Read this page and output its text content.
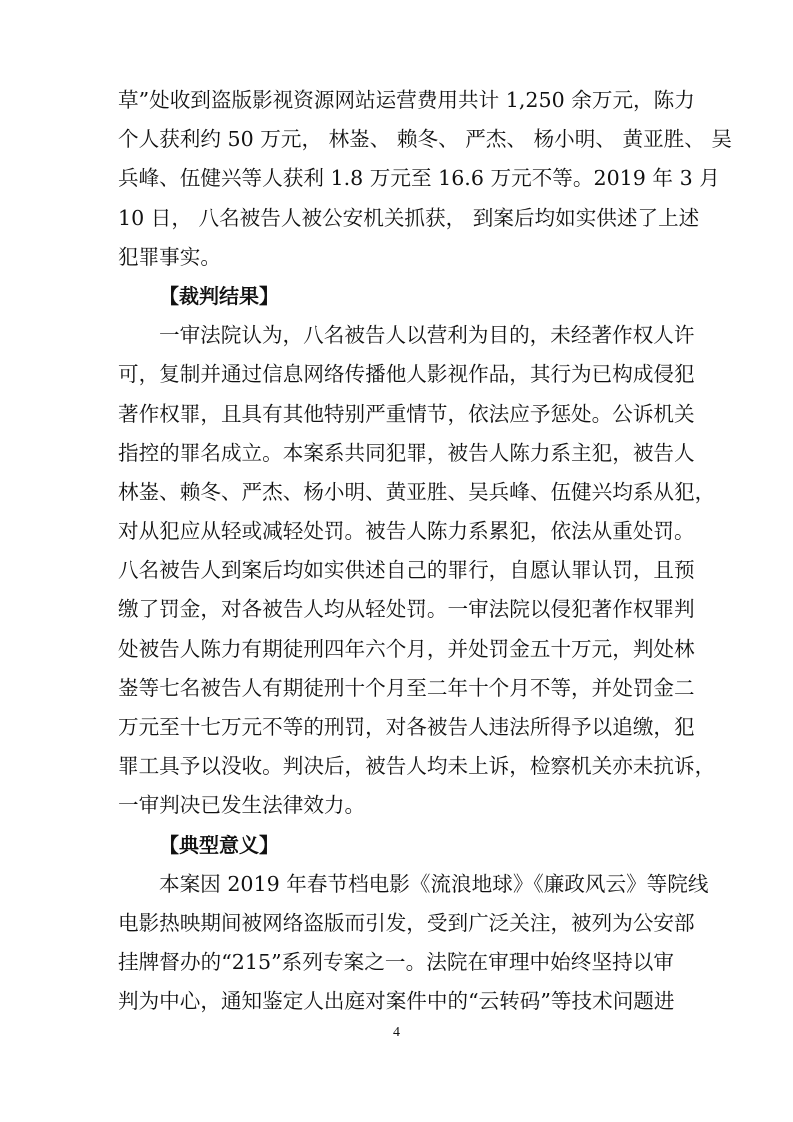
草”处收到盗版影视资源网站运营费用共计 1,250 余万元，陈力
个人获利约 50 万元， 林崟、 赖冬、 严杰、 杨小明、 黄亚胜、 吴
兵峰、伍健兴等人获利 1.8 万元至 16.6 万元不等。2019 年 3 月
10 日， 八名被告人被公安机关抓获， 到案后均如实供述了上述
犯罪事实。
【裁判结果】
一审法院认为，八名被告人以营利为目的，未经著作权人许
可，复制并通过信息网络传播他人影视作品，其行为已构成侵犯
著作权罪，且具有其他特别严重情节，依法应予惩处。公诉机关
指控的罪名成立。本案系共同犯罪，被告人陈力系主犯，被告人
林崟、赖冬、严杰、杨小明、黄亚胜、吴兵峰、伍健兴均系从犯，
对从犯应从轻或减轻处罚。被告人陈力系累犯，依法从重处罚。
八名被告人到案后均如实供述自己的罪行，自愿认罪认罚，且预
缴了罚金，对各被告人均从轻处罚。一审法院以侵犯著作权罪判
处被告人陈力有期徒刑四年六个月，并处罚金五十万元，判处林
崟等七名被告人有期徒刑十个月至二年十个月不等，并处罚金二
万元至十七万元不等的刑罚，对各被告人违法所得予以追缴，犯
罪工具予以没收。判决后，被告人均未上诉，检察机关亦未抗诉，
一审判决已发生法律效力。
【典型意义】
本案因 2019 年春节档电影《流浪地球》《廉政风云》等院线
电影热映期间被网络盗版而引发，受到广泛关注，被列为公安部
挂牌督办的“215”系列专案之一。法院在审理中始终坚持以审
判为中心，通知鉴定人出庭对案件中的“云转码”等技术问题进
4
